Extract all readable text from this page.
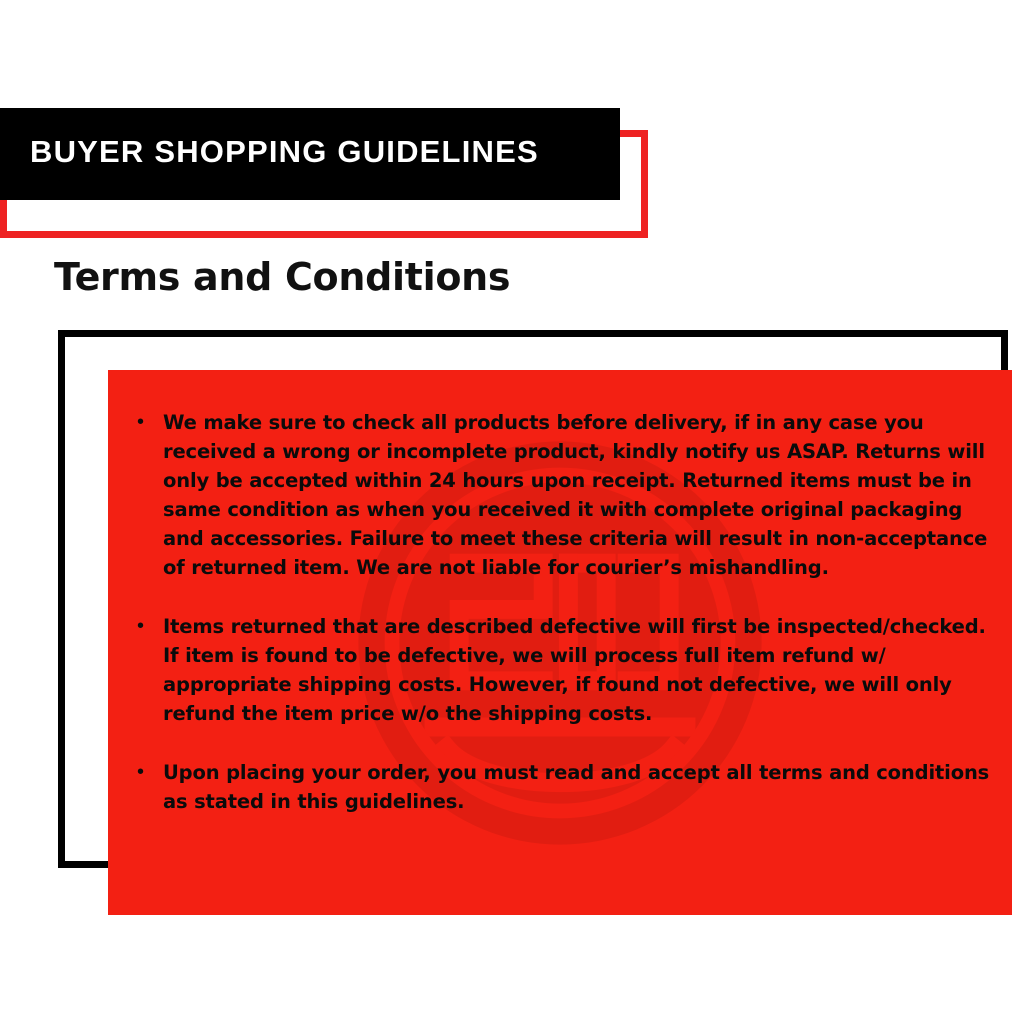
BUYER SHOPPING GUIDELINES
Terms and Conditions
• We make sure to check all products before delivery, if in any case you received a wrong or incomplete product, kindly notify us ASAP. Returns will only be accepted within 24 hours upon receipt. Returned items must be in same condition as when you received it with complete original packaging and accessories. Failure to meet these criteria will result in non-acceptance of returned item. We are not liable for courier’s mishandling.
• Items returned that are described defective will first be inspected/checked. If item is found to be defective, we will process full item refund w/ appropriate shipping costs. However, if found not defective, we will only refund the item price w/o the shipping costs.
• Upon placing your order, you must read and accept all terms and conditions as stated in this guidelines.
